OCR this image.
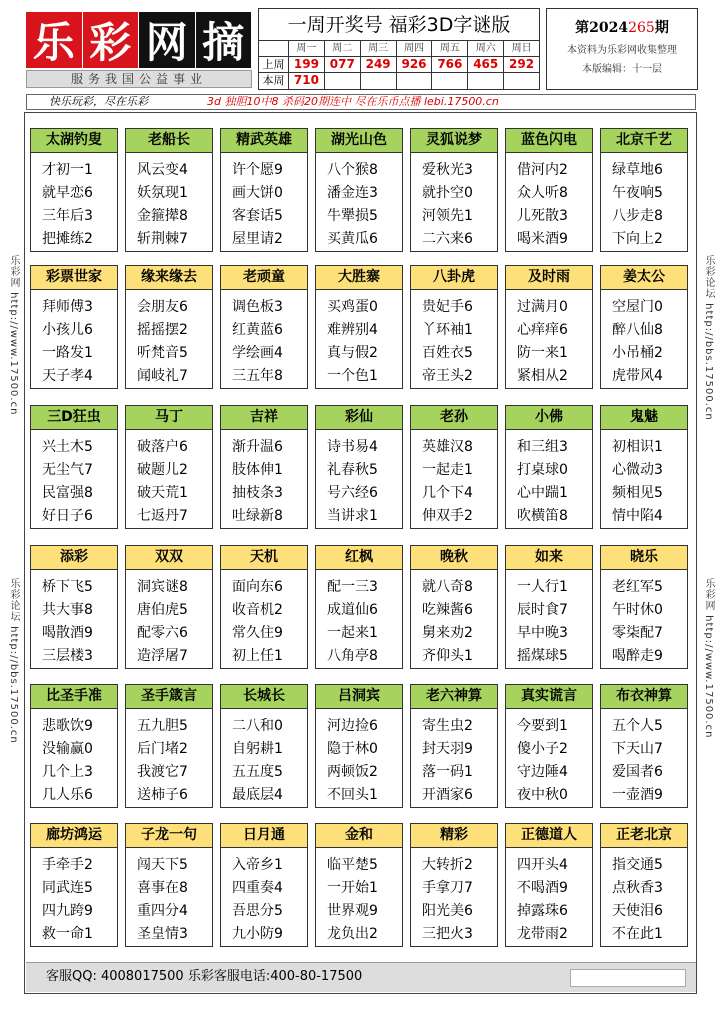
乐 彩 网 摘
服务我国公益事业
一周开奖号 福彩3D字谜版
周一	周二	周三	周四	周五	周六	周日
上周 199 077 249 926 766 465 292
本周 710
第2024265期
本资料为乐彩网收集整理
本版编辑：十一层
快乐玩彩，尽在乐彩	3d 独胆10中8 杀码20期连中 尽在乐币点播 lebi.17500.cn
乐彩网 http://www.17500.cn
乐彩论坛 http://bbs.17500.cn
乐彩论坛 http://bbs.17500.cn
乐彩网 http://www.17500.cn
太湖钓叟
才初一1
就早恋6
三年后3
把摊练2
老船长
风云变4
妖氛现1
金箍撵8
斩荆棘7
精武英雄
许个愿9
画大饼0
客套话5
屋里请2
湖光山色
八个猴8
潘金连3
牛犟损5
买黄瓜6
灵狐说梦
爱秋光3
就扑空0
河领先1
二六来6
蓝色闪电
借河内2
众人听8
儿死散3
喝米酒9
北京千艺
绿草地6
午夜响5
八步走8
下向上2
彩票世家
拜师傅3
小孩儿6
一路发1
天子孝4
缘来缘去
会朋友6
摇摇摆2
听梵音5
闻岐礼7
老顽童
调色板3
红黄蓝6
学绘画4
三五年8
大胜寨
买鸡蛋0
难辨别4
真与假2
一个色1
八卦虎
贵妃手6
丫环袖1
百姓衣5
帝王头2
及时雨
过满月0
心痒痒6
防一来1
紧相从2
姜太公
空屋门0
醉八仙8
小吊桶2
虎带风4
三D狂虫
兴土木5
无尘气7
民富强8
好日子6
马丁
破落户6
破题儿2
破天荒1
七返丹7
吉祥
渐升温6
肢体伸1
抽枝条3
吐绿新8
彩仙
诗书易4
礼春秋5
号六经6
当讲求1
老孙
英雄汉8
一起走1
几个下4
伸双手2
小佛
和三组3
打桌球0
心中踹1
吹横笛8
鬼魅
初相识1
心微动3
频相见5
情中陷4
添彩
桥下飞5
共大事8
喝散酒9
三层楼3
双双
洞宾谜8
唐伯虎5
配零六6
造浮屠7
天机
面向东6
收音机2
常久住9
初上任1
红枫
配一三3
成道仙6
一起来1
八角亭8
晚秋
就八奇8
吃辣酱6
舅来劝2
齐仰头1
如来
一人行1
辰时食7
早中晚3
摇煤球5
晓乐
老红军5
午时休0
零柒配7
喝醉走9
比圣手准
悲歌饮9
没输赢0
几个上3
几人乐6
圣手箴言
五九胆5
后门堵2
我渡它7
送柿子6
长城长
二八和0
自躬耕1
五五度5
最底层4
吕洞宾
河边捡6
隐于林0
两顿饭2
不回头1
老六神算
寄生虫2
封天羽9
落一码1
开酒家6
真实谎言
今要到1
傻小子2
守边陲4
夜中秋0
布衣神算
五个人5
下天山7
爱国者6
一壶酒9
廊坊鸿运
手牵手2
同武连5
四九跨9
救一命1
子龙一句
闯天下5
喜事在8
重四分4
圣皇情3
日月通
入帝乡1
四重奏4
吾思分5
九小防9
金和
临平楚5
一开始1
世界观9
龙负出2
精彩
大转折2
手拿刀7
阳光美6
三把火3
正德道人
四开头4
不喝酒9
掉露珠6
龙带雨2
正老北京
指交通5
点秋香3
天使泪6
不在此1
客服QQ: 4008017500 乐彩客服电话:400-80-17500
